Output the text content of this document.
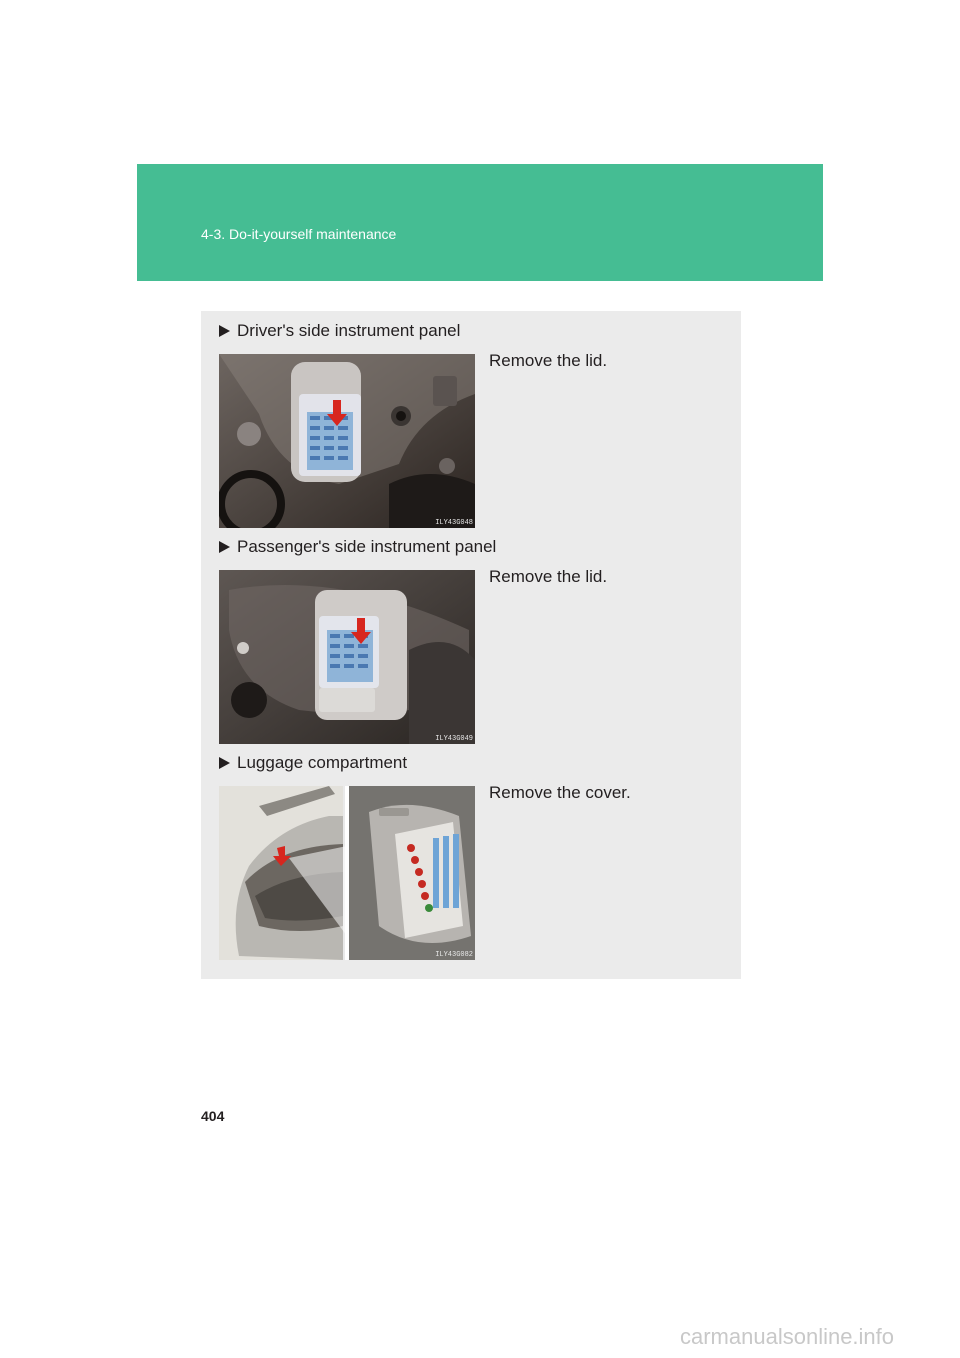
4-3. Do-it-yourself maintenance
Driver's side instrument panel
ILY43G048
Remove the lid.
Passenger's side instrument panel
ILY43G049
Remove the lid.
Luggage compartment
ILY43G082
Remove the cover.
404
carmanualsonline.info
